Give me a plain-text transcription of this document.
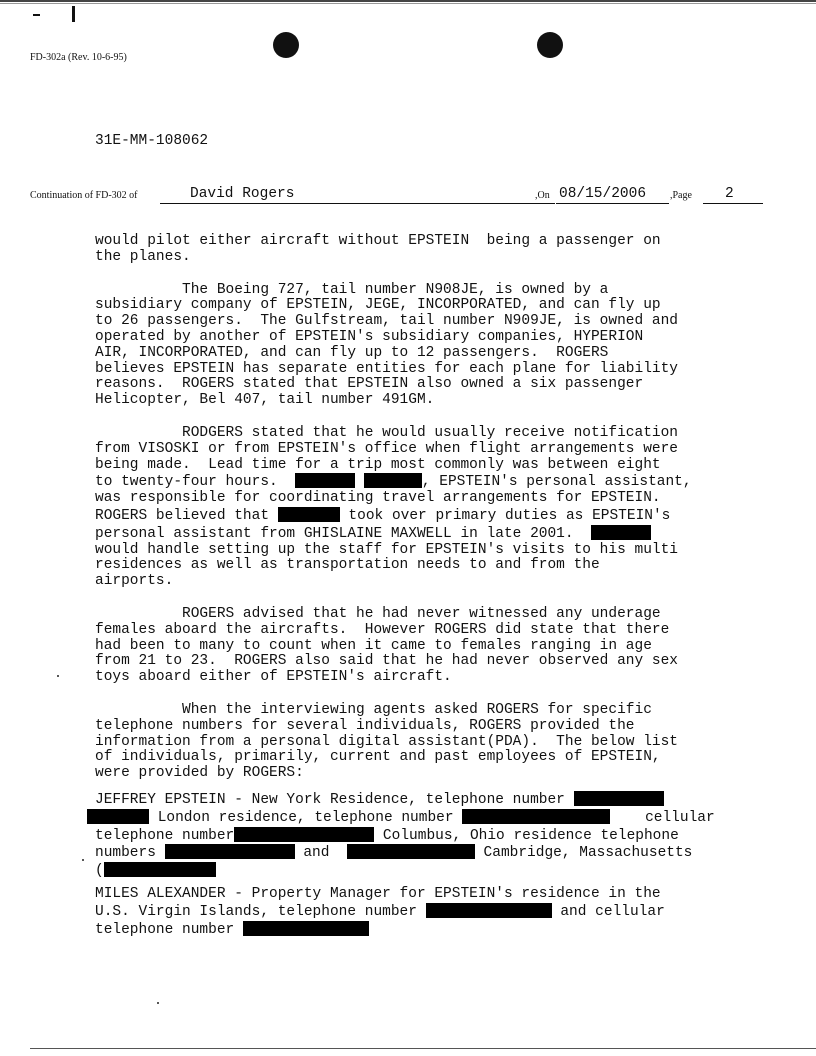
FD-302a (Rev. 10-6-95)
31E-MM-108062
Continuation of FD-302 of	David Rogers	,On 08/15/2006	,Page	2

would pilot either aircraft without EPSTEIN  being a passenger on
the planes.

The Boeing 727, tail number N908JE, is owned by a
subsidiary company of EPSTEIN, JEGE, INCORPORATED, and can fly up
to 26 passengers.  The Gulfstream, tail number N909JE, is owned and
operated by another of EPSTEIN's subsidiary companies, HYPERION
AIR, INCORPORATED, and can fly up to 12 passengers.  ROGERS
believes EPSTEIN has separate entities for each plane for liability
reasons.  ROGERS stated that EPSTEIN also owned a six passenger
Helicopter, Bel 407, tail number 491GM.

RODGERS stated that he would usually receive notification
from VISOSKI or from EPSTEIN's office when flight arrangements were
being made.  Lead time for a trip most commonly was between eight
to twenty-four hours.	, EPSTEIN's personal assistant,
was responsible for coordinating travel arrangements for EPSTEIN.
ROGERS believed that	took over primary duties as EPSTEIN's
personal assistant from GHISLAINE MAXWELL in late 2001.
would handle setting up the staff for EPSTEIN's visits to his multi
residences as well as transportation needs to and from the
airports.

ROGERS advised that he had never witnessed any underage
females aboard the aircrafts.  However ROGERS did state that there
had been to many to count when it came to females ranging in age
from 21 to 23.  ROGERS also said that he had never observed any sex
toys aboard either of EPSTEIN's aircraft.

When the interviewing agents asked ROGERS for specific
telephone numbers for several individuals, ROGERS provided the
information from a personal digital assistant(PDA).  The below list
of individuals, primarily, current and past employees of EPSTEIN,
were provided by ROGERS:

JEFFREY EPSTEIN - New York Residence, telephone number
London residence, telephone number	cellular
telephone number	Columbus, Ohio residence telephone
numbers	and	Cambridge, Massachusetts
(
MILES ALEXANDER - Property Manager for EPSTEIN's residence in the
U.S. Virgin Islands, telephone number	and cellular
telephone number
